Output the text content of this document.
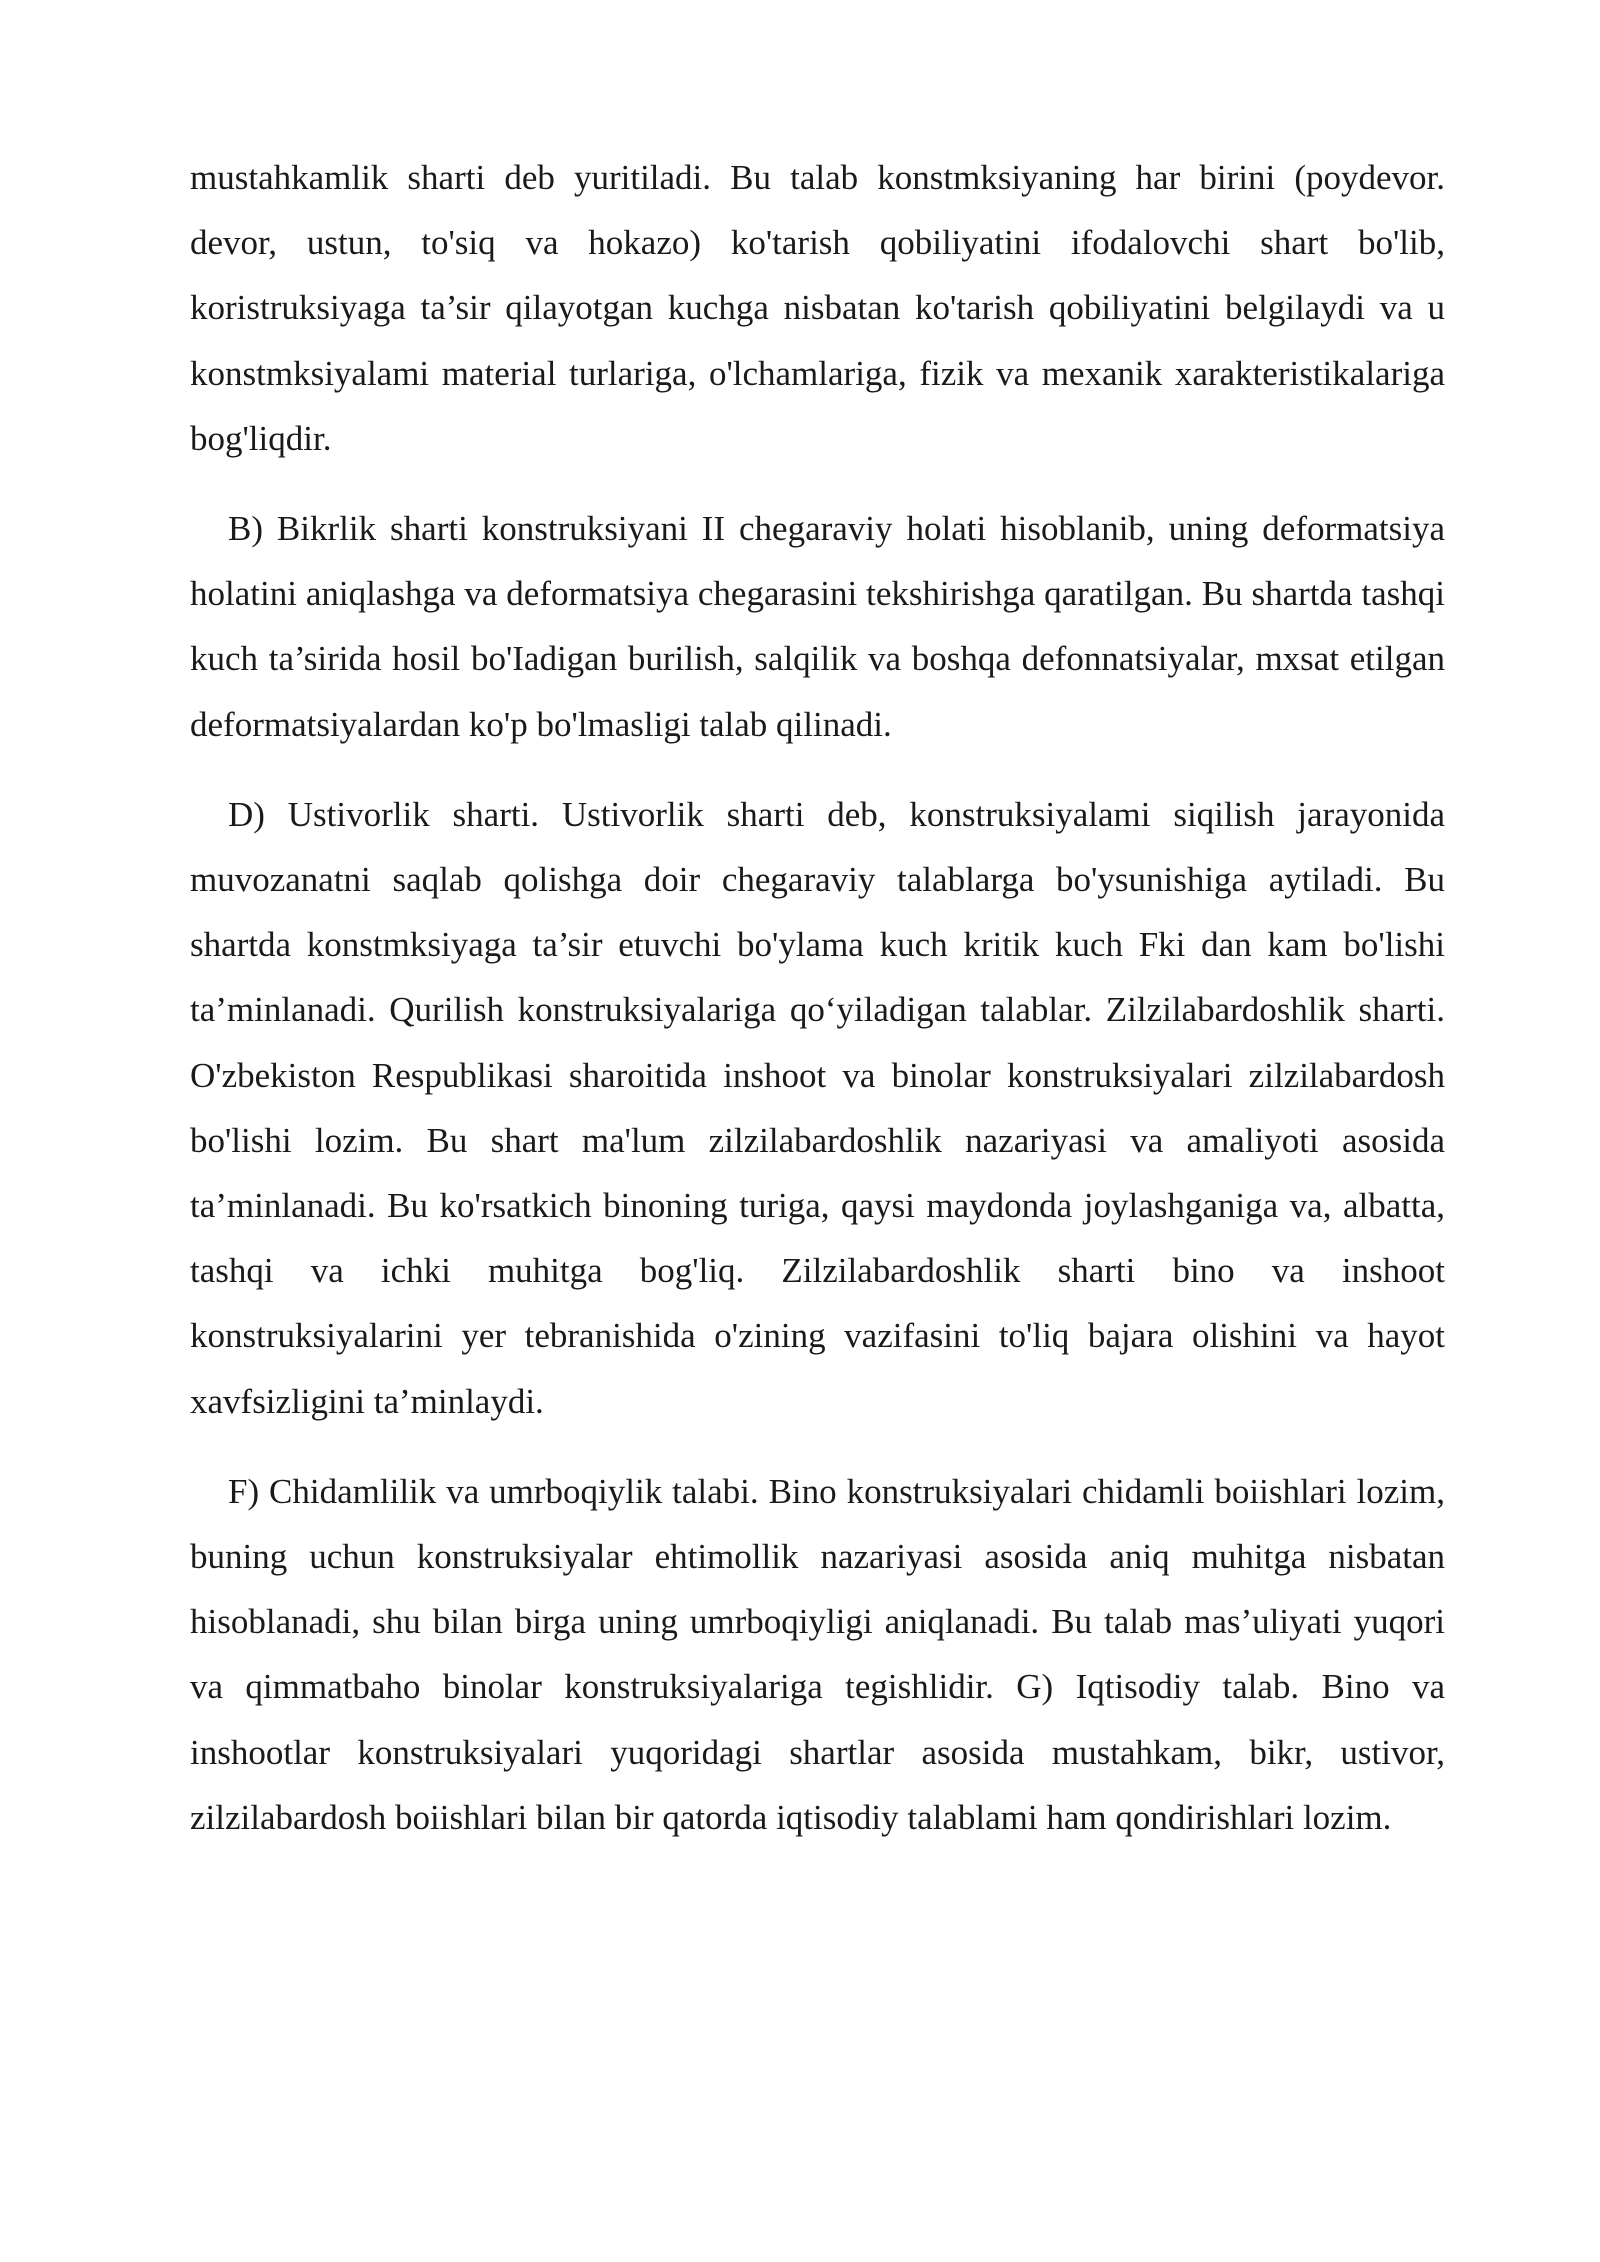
mustahkamlik sharti deb yuritiladi. Bu talab konstmksiyaning har birini (poydevor. devor, ustun, to'siq va hokazo) ko'tarish qobiliyatini ifodalovchi shart bo'lib, koristruksiyaga ta’sir qilayotgan kuchga nisbatan ko'tarish qobiliyatini belgilaydi va u konstmksiyalami material turlariga, o'lchamlariga, fizik va mexanik xarakteristikalariga bog'liqdir.

B) Bikrlik sharti konstruksiyani II chegaraviy holati hisoblanib, uning deformatsiya holatini aniqlashga va deformatsiya chegarasini tekshirishga qaratilgan. Bu shartda tashqi kuch ta’sirida hosil bo'Iadigan burilish, salqilik va boshqa defonnatsiyalar, mxsat etilgan deformatsiyalardan ko'p bo'lmasligi talab qilinadi.

D) Ustivorlik sharti. Ustivorlik sharti deb, konstruksiyalami siqilish jarayonida muvozanatni saqlab qolishga doir chegaraviy talablarga bo'ysunishiga aytiladi. Bu shartda konstmksiyaga ta’sir etuvchi bo'ylama kuch kritik kuch Fki dan kam bo'lishi ta’minlanadi. Qurilish konstruksiyalariga qo‘yiladigan talablar. Zilzilabardoshlik sharti. O'zbekiston Respublikasi sharoitida inshoot va binolar konstruksiyalari zilzilabardosh bo'lishi lozim. Bu shart ma'lum zilzilabardoshlik nazariyasi va amaliyoti asosida ta’minlanadi. Bu ko'rsatkich binoning turiga, qaysi maydonda joylashganiga va, albatta, tashqi va ichki muhitga bog'liq. Zilzilabardoshlik sharti bino va inshoot konstruksiyalarini yer tebranishida o'zining vazifasini to'liq bajara olishini va hayot xavfsizligini ta’minlaydi.

F) Chidamlilik va umrboqiylik talabi. Bino konstruksiyalari chidamli boiishlari lozim, buning uchun konstruksiyalar ehtimollik nazariyasi asosida aniq muhitga nisbatan hisoblanadi, shu bilan birga uning umrboqiyligi aniqlanadi. Bu talab mas’uliyati yuqori va qimmatbaho binolar konstruksiyalariga tegishlidir. G) Iqtisodiy talab. Bino va inshootlar konstruksiyalari yuqoridagi shartlar asosida mustahkam, bikr, ustivor, zilzilabardosh boiishlari bilan bir qatorda iqtisodiy talablami ham qondirishlari lozim.
